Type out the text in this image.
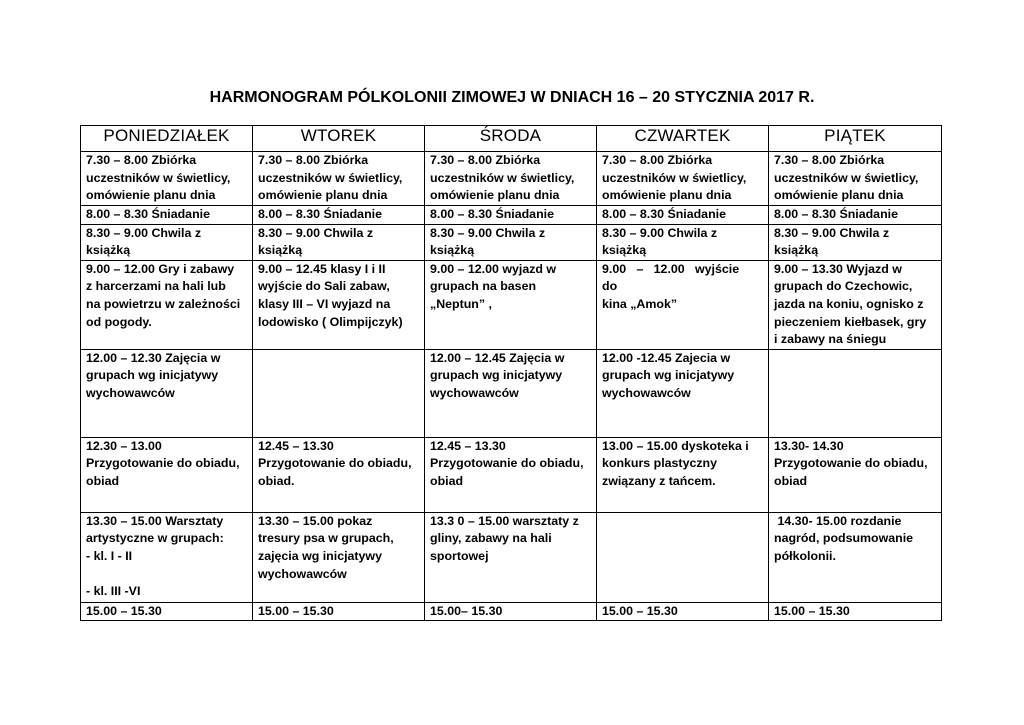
HARMONOGRAM PÓLKOLONII ZIMOWEJ W DNIACH 16 – 20 STYCZNIA 2017 R.
PONIEDZIAŁEK	WTOREK	ŚRODA	CZWARTEK	PIĄTEK

7.30 – 8.00 Zbiórka
uczestników w świetlicy,
omówienie planu dnia	7.30 – 8.00 Zbiórka
uczestników w świetlicy,
omówienie planu dnia	7.30 – 8.00 Zbiórka
uczestników w świetlicy,
omówienie planu dnia	7.30 – 8.00 Zbiórka
uczestników w świetlicy,
omówienie planu dnia	7.30 – 8.00 Zbiórka
uczestników w świetlicy,
omówienie planu dnia

8.00 – 8.30 Śniadanie	8.00 – 8.30 Śniadanie	8.00 – 8.30 Śniadanie	8.00 – 8.30 Śniadanie	8.00 – 8.30 Śniadanie

8.30 – 9.00 Chwila z
książką	8.30 – 9.00 Chwila z
książką	8.30 – 9.00 Chwila z
książką	8.30 – 9.00 Chwila z
książką	8.30 – 9.00 Chwila z
książką

9.00 – 12.00 Gry i zabawy
z harcerzami na hali lub
na powietrzu w zależności
od pogody.	9.00 – 12.45 klasy I i II
wyjście do Sali zabaw,
klasy III – VI wyjazd na
lodowisko ( Olimpijczyk)	9.00 – 12.00 wyjazd w
grupach na basen
„Neptun” ,	9.00   –   12.00   wyjście   do
kina „Amok”	9.00 – 13.30 Wyjazd w
grupach do Czechowic,
jazda na koniu, ognisko z
pieczeniem kiełbasek, gry
i zabawy na śniegu

12.00 – 12.30 Zajęcia w
grupach wg inicjatywy
wychowawców		12.00 – 12.45 Zajęcia w
grupach wg inicjatywy
wychowawców	12.00 -12.45 Zajecia w
grupach wg inicjatywy
wychowawców	

12.30 – 13.00
Przygotowanie do obiadu,
obiad	12.45 – 13.30
Przygotowanie do obiadu,
obiad.	12.45 – 13.30
Przygotowanie do obiadu,
obiad	13.00 – 15.00 dyskoteka i
konkurs plastyczny
związany z tańcem.	13.30- 14.30
Przygotowanie do obiadu,
obiad

13.30 – 15.00 Warsztaty
artystyczne w grupach:
- kl. I - II

- kl. III -VI	13.30 – 15.00 pokaz
tresury psa w grupach,
zajęcia wg inicjatywy
wychowawców	13.3 0 – 15.00 warsztaty z
gliny, zabawy na hali
sportowej		14.30- 15.00 rozdanie
nagród, podsumowanie
półkolonii.

15.00 – 15.30	15.00 – 15.30	15.00– 15.30	15.00 – 15.30	15.00 – 15.30
